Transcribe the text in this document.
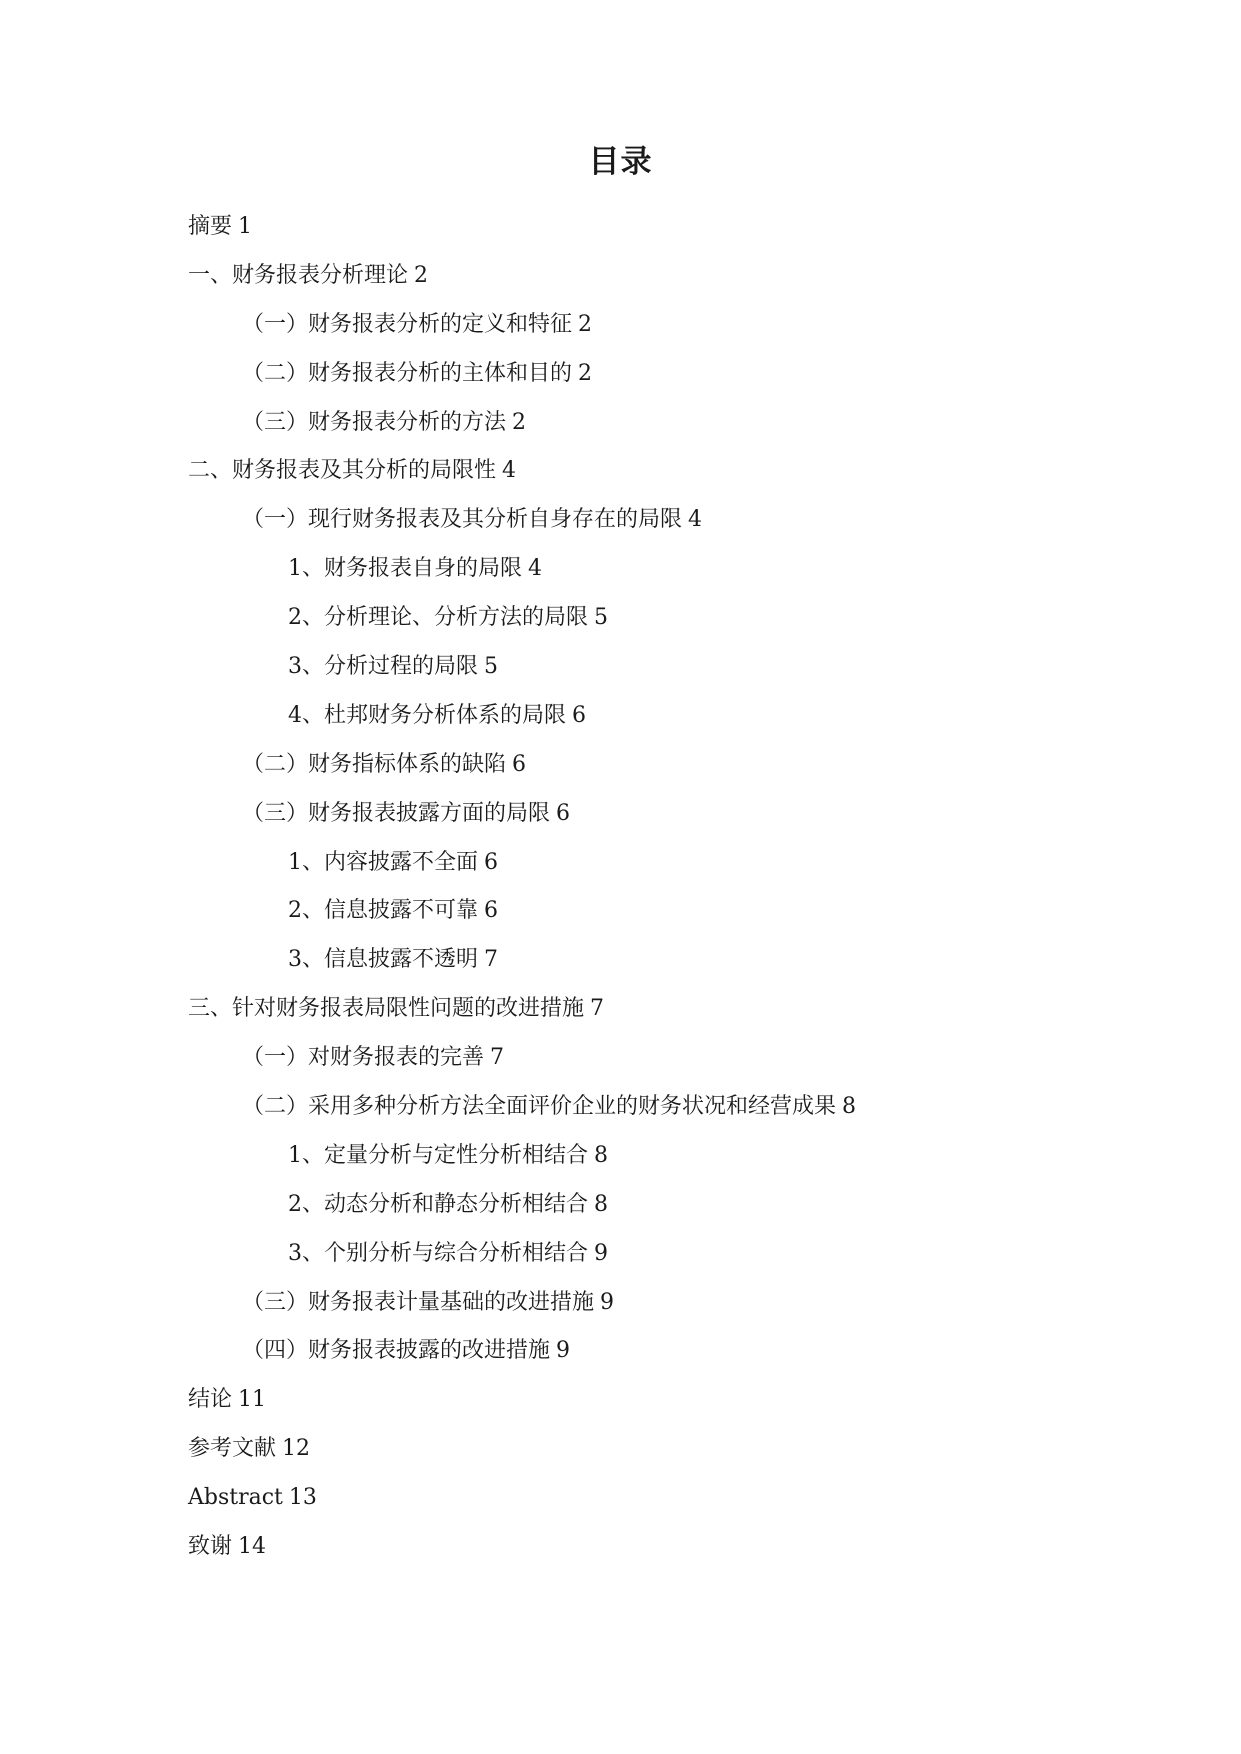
目录
摘要 1
一、财务报表分析理论 2
（一）财务报表分析的定义和特征 2
（二）财务报表分析的主体和目的 2
（三）财务报表分析的方法 2
二、财务报表及其分析的局限性 4
（一）现行财务报表及其分析自身存在的局限 4
1、财务报表自身的局限 4
2、分析理论、分析方法的局限 5
3、分析过程的局限 5
4、杜邦财务分析体系的局限 6
（二）财务指标体系的缺陷 6
（三）财务报表披露方面的局限 6
1、内容披露不全面 6
2、信息披露不可靠 6
3、信息披露不透明 7
三、针对财务报表局限性问题的改进措施 7
（一）对财务报表的完善 7
（二）采用多种分析方法全面评价企业的财务状况和经营成果 8
1、定量分析与定性分析相结合 8
2、动态分析和静态分析相结合 8
3、个别分析与综合分析相结合 9
（三）财务报表计量基础的改进措施 9
（四）财务报表披露的改进措施 9
结论 11
参考文献 12
Abstract 13
致谢 14
